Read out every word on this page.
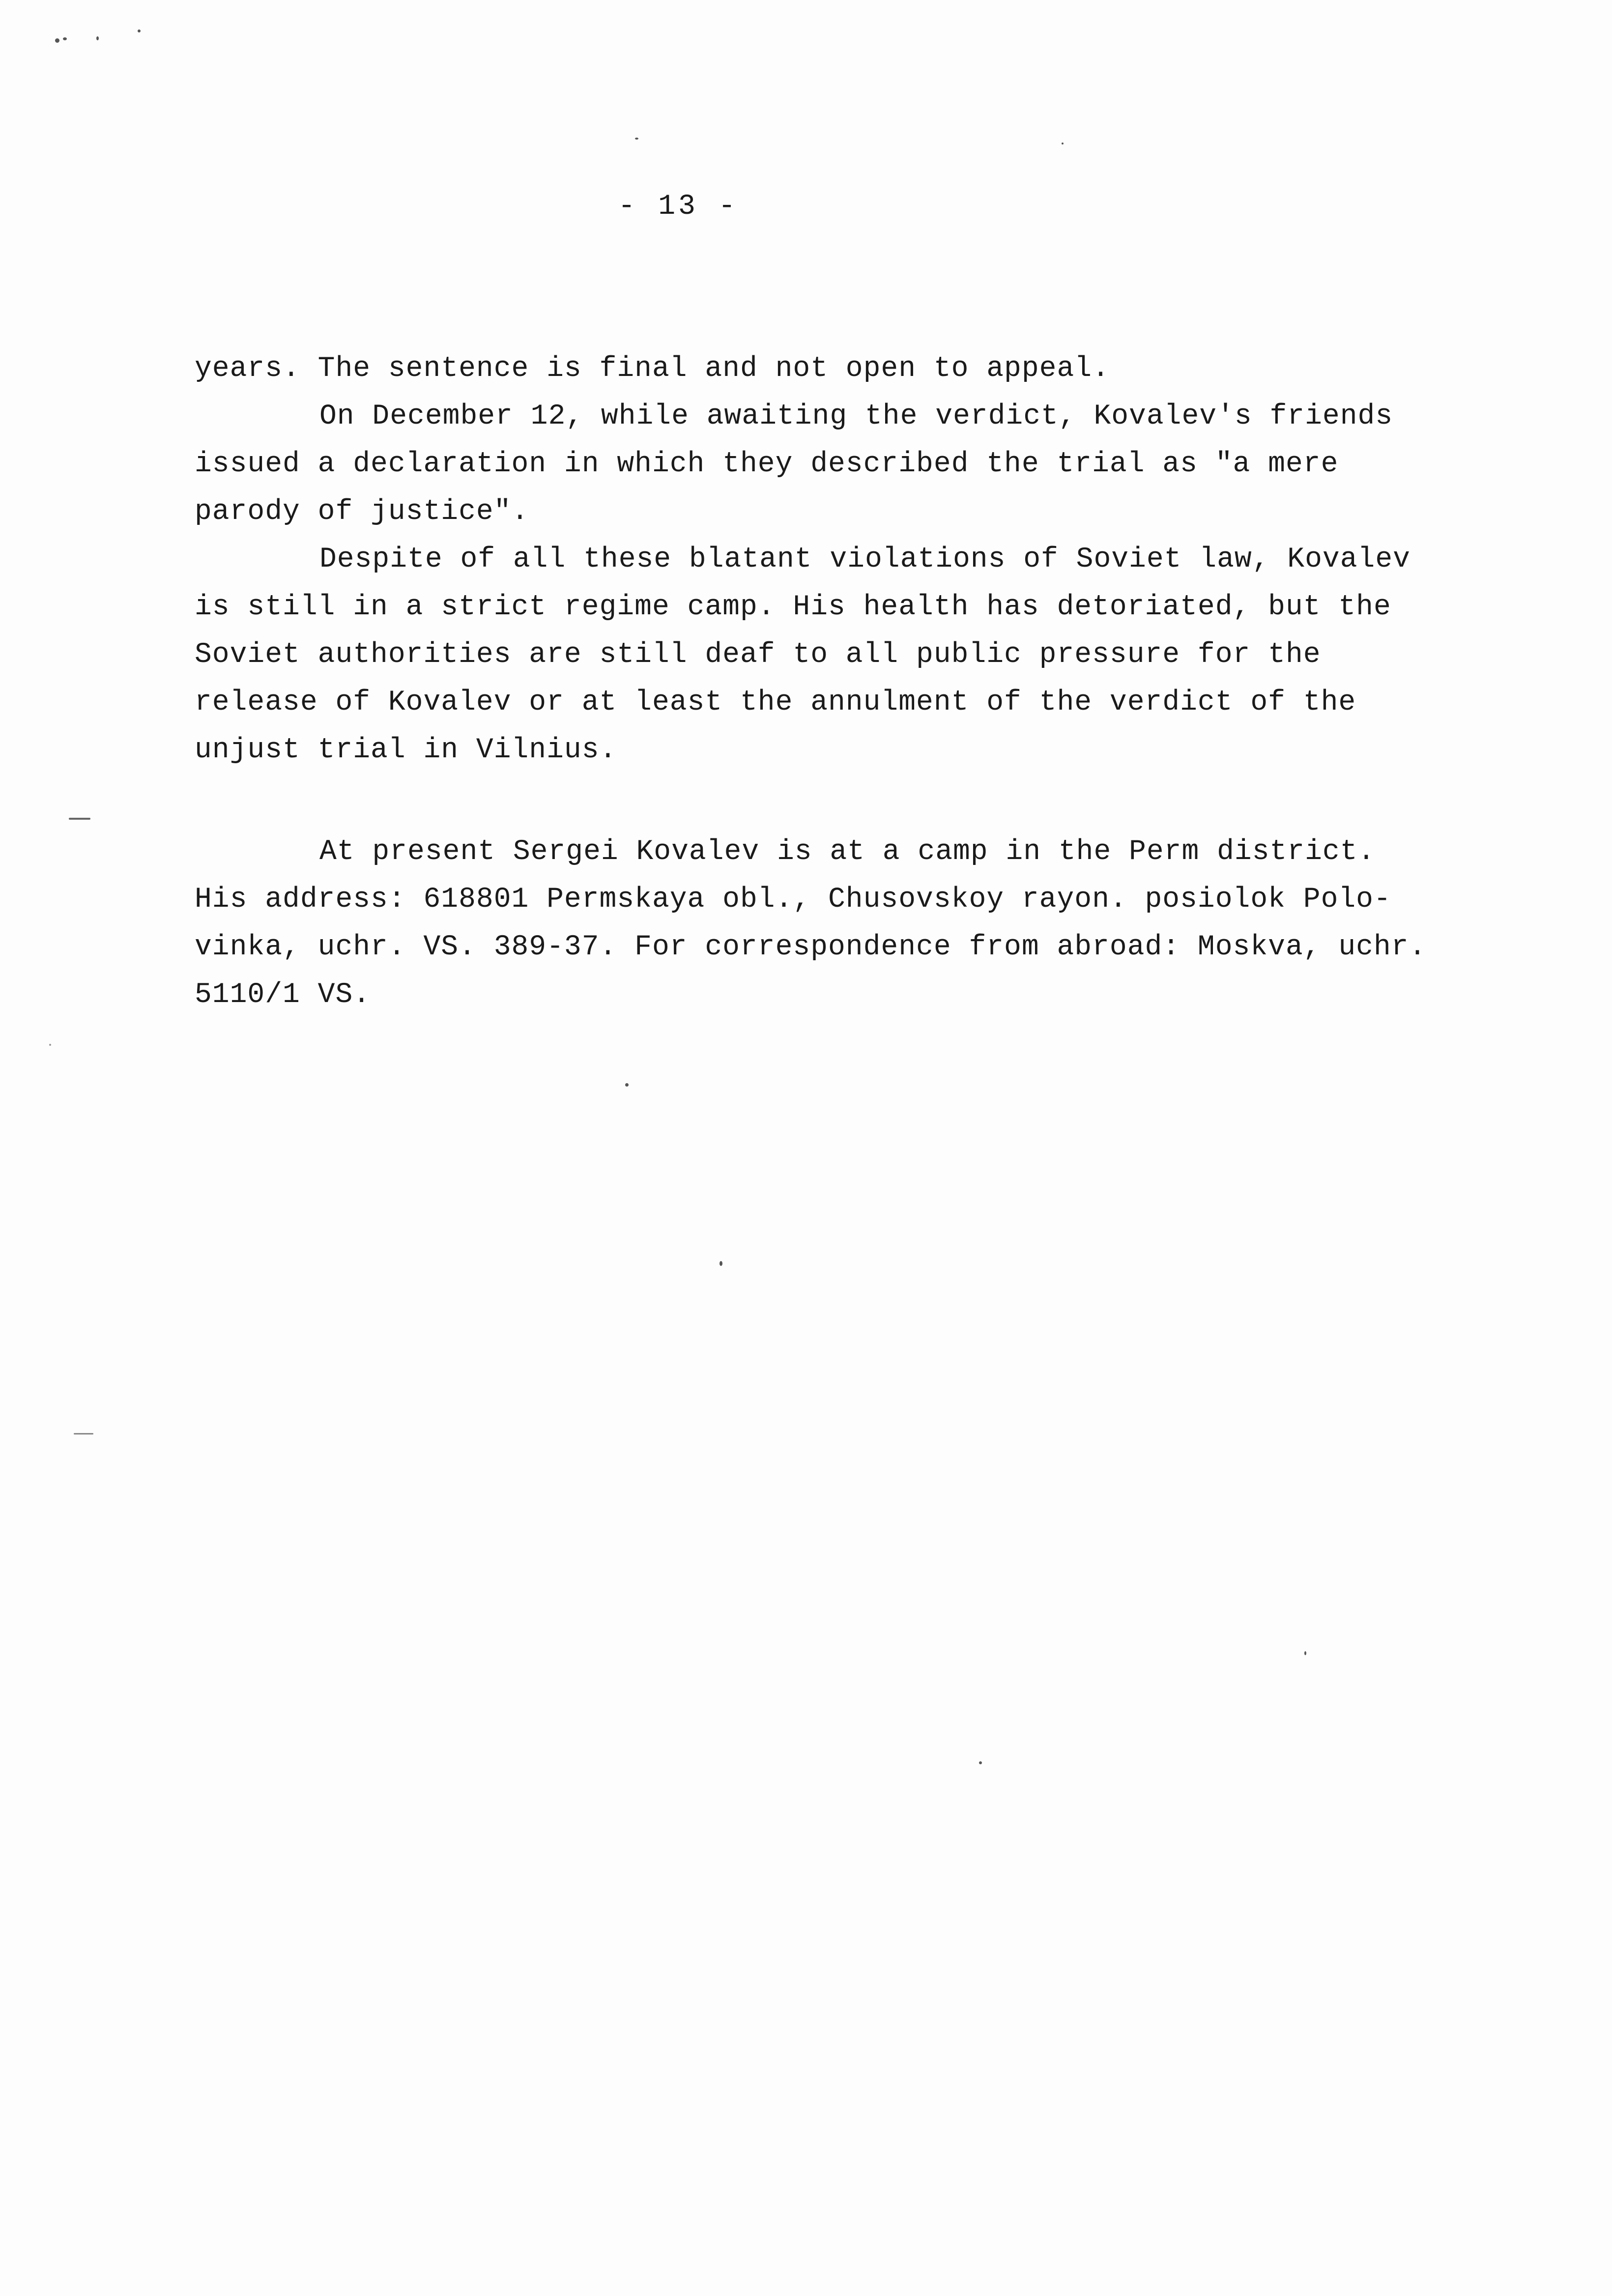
- 13 -
years. The sentence is final and not open to appeal.
On December 12, while awaiting the verdict, Kovalev's friends
issued a declaration in which they described the trial as "a mere
parody of justice".
Despite of all these blatant violations of Soviet law, Kovalev
is still in a strict regime camp. His health has detoriated, but the
Soviet authorities are still deaf to all public pressure for the
release of Kovalev or at least the annulment of the verdict of the
unjust trial in Vilnius.
At present Sergei Kovalev is at a camp in the Perm district.
His address: 618801 Permskaya obl., Chusovskoy rayon. posiolok Polo-
vinka, uchr. VS. 389-37. For correspondence from abroad: Moskva, uchr.
5110/1 VS.
